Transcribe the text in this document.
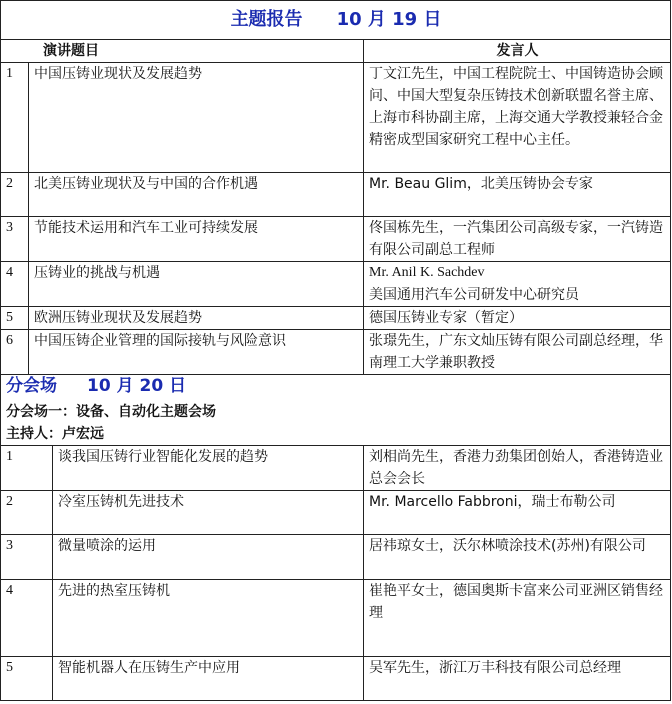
主题报告 10 月 19 日			
演讲题目			发言人
1	中国压铸业现状及发展趋势		丁文江先生，中国工程院院士、中国铸造协会顾问、中国大型复杂压铸技术创新联盟名誉主席、上海市科协副主席，上海交通大学教授兼轻合金精密成型国家研究工程中心主任。
2	北美压铸业现状及与中国的合作机遇		Mr. Beau Glim，北美压铸协会专家
3	节能技术运用和汽车工业可持续发展		佟国栋先生，一汽集团公司高级专家，一汽铸造有限公司副总工程师
4	压铸业的挑战与机遇		Mr. Anil K. Sachdev
美国通用汽车公司研发中心研究员

5	欧洲压铸业现状及发展趋势		德国压铸业专家（暂定）
6	中国压铸企业管理的国际接轨与风险意识		张璟先生，广东文灿压铸有限公司副总经理，华南理工大学兼职教授
分会场 10 月 20 日			
分会场一：设备、自动化主题会场			
主持人：卢宏远			
1		谈我国压铸行业智能化发展的趋势	刘相尚先生，香港力劲集团创始人，香港铸造业总会会长
2		冷室压铸机先进技术	Mr. Marcello Fabbroni，瑞士布勒公司
3		微量喷涂的运用	居祎琼女士，沃尔林喷涂技术(苏州)有限公司
4		先进的热室压铸机	崔艳平女士，德国奥斯卡富来公司亚洲区销售经理
5		智能机器人在压铸生产中应用	吴军先生，浙江万丰科技有限公司总经理
